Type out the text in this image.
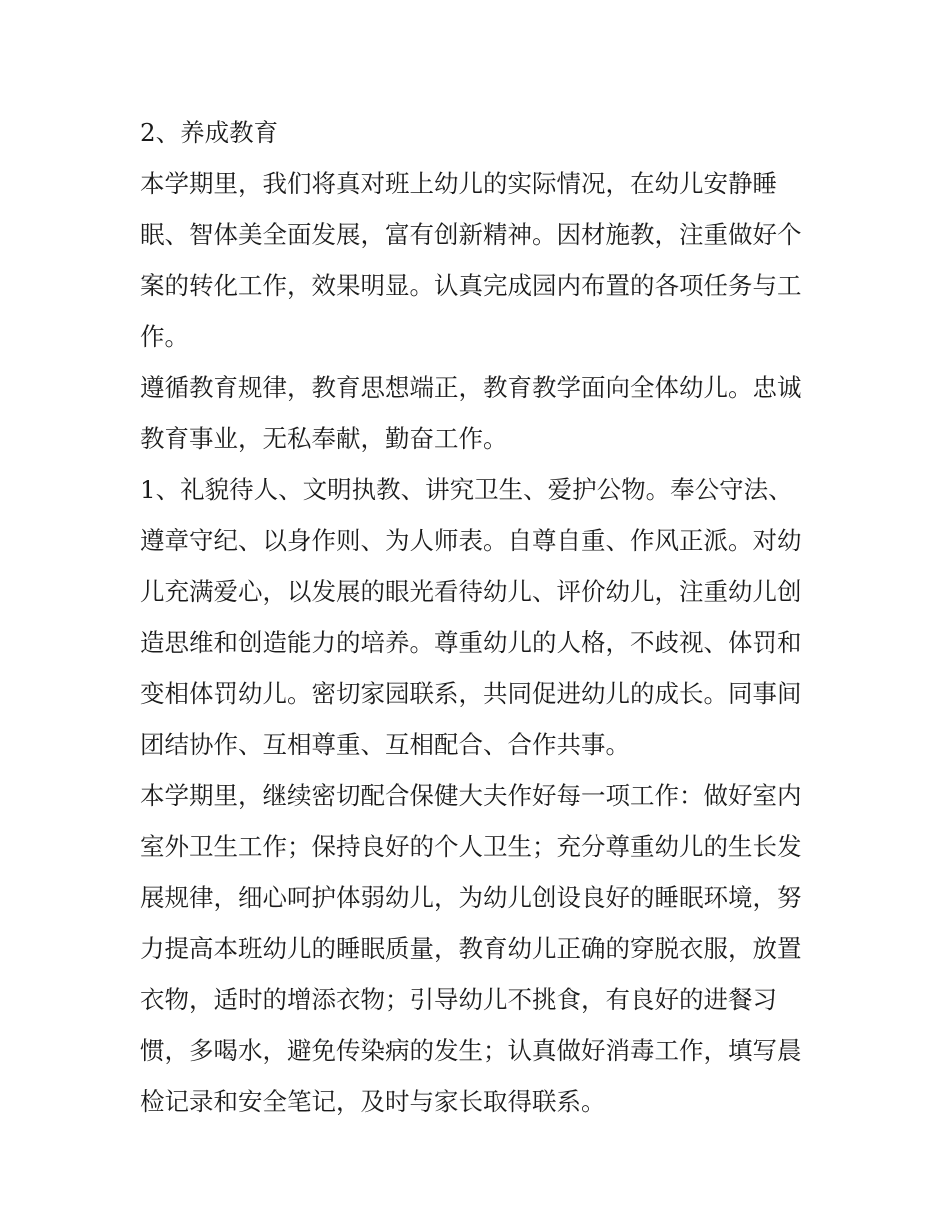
2、养成教育
本学期里，我们将真对班上幼儿的实际情况，在幼儿安静睡
眠、智体美全面发展，富有创新精神。因材施教，注重做好个
案的转化工作，效果明显。认真完成园内布置的各项任务与工
作。
遵循教育规律，教育思想端正，教育教学面向全体幼儿。忠诚
教育事业，无私奉献，勤奋工作。
1、礼貌待人、文明执教、讲究卫生、爱护公物。奉公守法、
遵章守纪、以身作则、为人师表。自尊自重、作风正派。对幼
儿充满爱心，以发展的眼光看待幼儿、评价幼儿，注重幼儿创
造思维和创造能力的培养。尊重幼儿的人格，不歧视、体罚和
变相体罚幼儿。密切家园联系，共同促进幼儿的成长。同事间
团结协作、互相尊重、互相配合、合作共事。
本学期里，继续密切配合保健大夫作好每一项工作：做好室内
室外卫生工作；保持良好的个人卫生；充分尊重幼儿的生长发
展规律，细心呵护体弱幼儿，为幼儿创设良好的睡眠环境，努
力提高本班幼儿的睡眠质量，教育幼儿正确的穿脱衣服，放置
衣物，适时的增添衣物；引导幼儿不挑食，有良好的进餐习
惯，多喝水，避免传染病的发生；认真做好消毒工作，填写晨
检记录和安全笔记，及时与家长取得联系。
